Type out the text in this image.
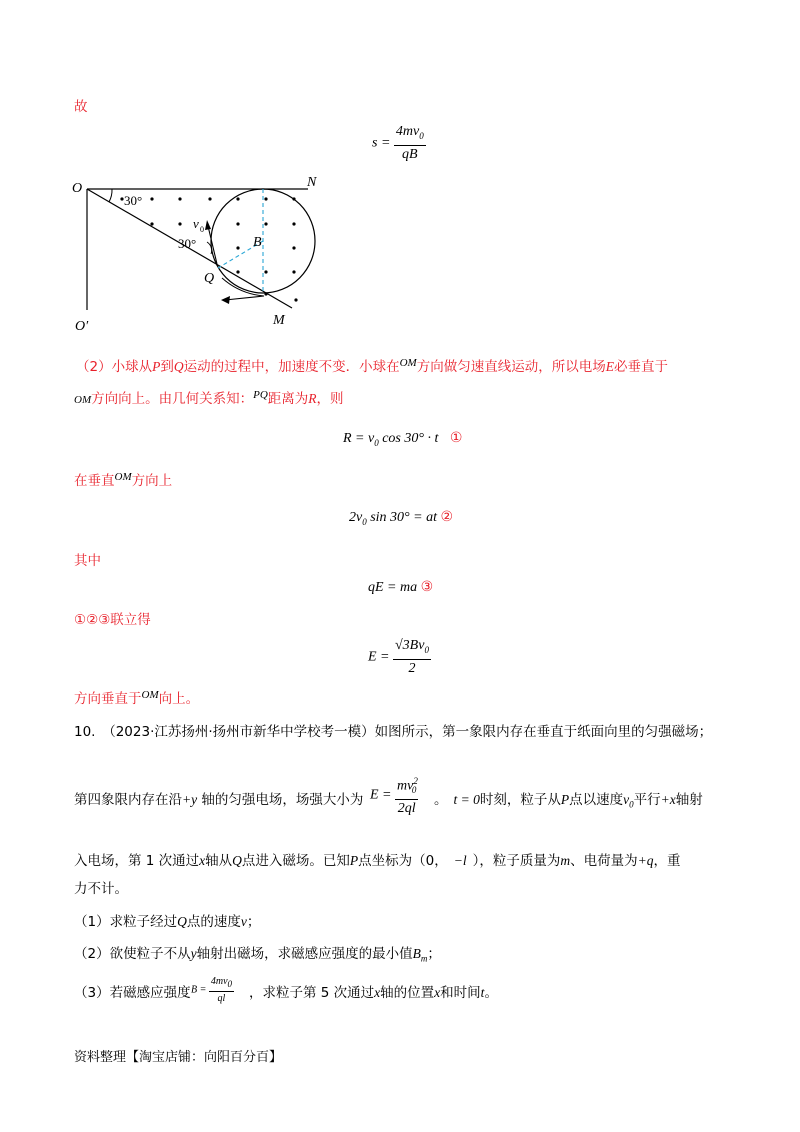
故
$s = \frac{4mv_0}{qB}$
O	N
O′	M
Q
B
30°
30°
v 0
（2）小球从P到Q运动的过程中，加速度不变．小球在$^{OM}$方向做匀速直线运动，所以电场E必垂直于
OM方向向上。由几何关系知：$^{PQ}$距离为R，则
$R = v_0$ cos 30° · t ①
在垂直$^{OM}$方向上
$2v_0$ sin 30° = at ②
其中
qE = ma ③
①②③联立得
$E = \frac{√3Bv_0}{2}$
方向垂直于$^{OM}$向上。
10.　（2023·江苏扬州·扬州市新华中学校考一模）如图所示，第一象限内存在垂直于纸面向里的匀强磁场；
第四象限内存在沿+y 轴的匀强电场，场强大小为 $E = \frac{mv^2_0}{2ql}$ 。 t = 0时刻，粒子从P点以速度$v_0$平行+x轴射
入电场，第 1 次通过x轴从Q点进入磁场。已知P点坐标为（0， −l ），粒子质量为m、电荷量为+q，重
力不计。
（1）求粒子经过Q点的速度v；
（2）欲使粒子不从y轴射出磁场，求磁感应强度的最小值$B_m$；
（3）若磁感应强度 $B = \frac{4mv_0}{ql}$ ，求粒子第 5 次通过x轴的位置x和时间t。
资料整理【淘宝店铺：向阳百分百】
